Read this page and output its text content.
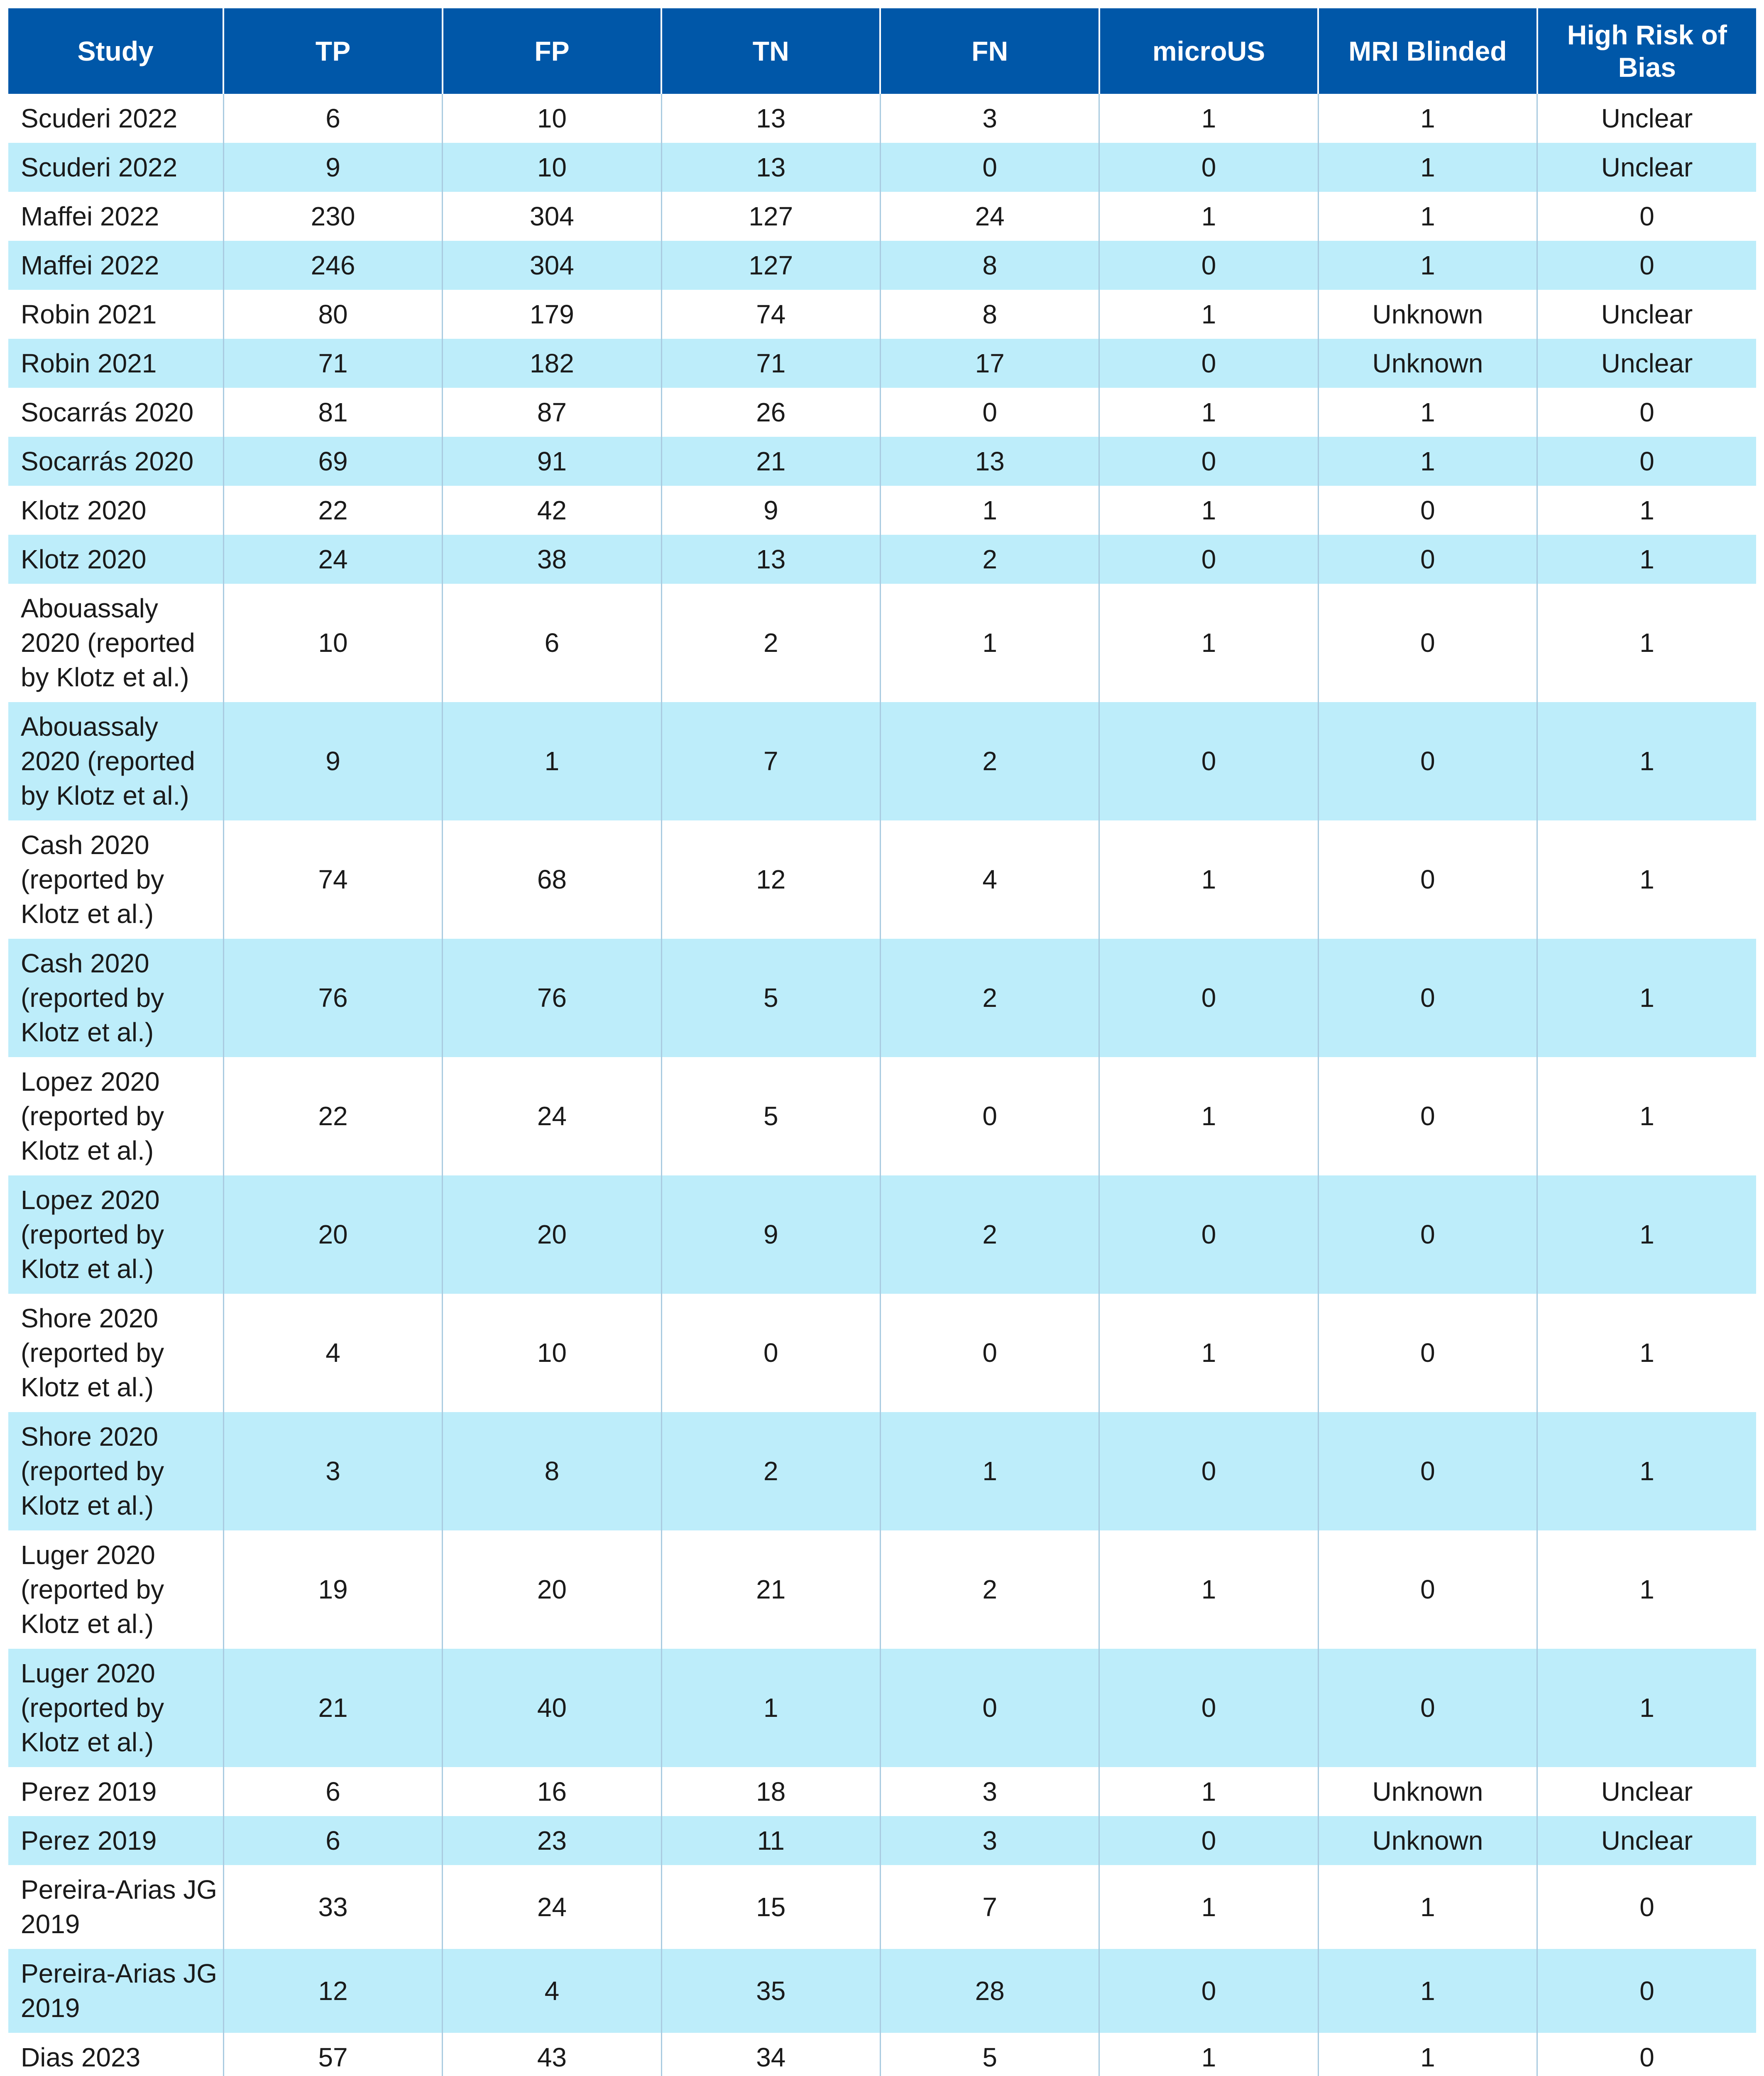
Study	TP	FP	TN	FN	microUS	MRI Blinded	High Risk of Bias
Scuderi 2022	6	10	13	3	1	1	Unclear
Scuderi 2022	9	10	13	0	0	1	Unclear
Maffei 2022	230	304	127	24	1	1	0
Maffei 2022	246	304	127	8	0	1	0
Robin 2021	80	179	74	8	1	Unknown	Unclear
Robin 2021	71	182	71	17	0	Unknown	Unclear
Socarrás 2020	81	87	26	0	1	1	0
Socarrás 2020	69	91	21	13	0	1	0
Klotz 2020	22	42	9	1	1	0	1
Klotz 2020	24	38	13	2	0	0	1
Abouassaly 2020 (reported by Klotz et al.)	10	6	2	1	1	0	1
Abouassaly 2020 (reported by Klotz et al.)	9	1	7	2	0	0	1
Cash 2020 (reported by Klotz et al.)	74	68	12	4	1	0	1
Cash 2020 (reported by Klotz et al.)	76	76	5	2	0	0	1
Lopez 2020 (reported by Klotz et al.)	22	24	5	0	1	0	1
Lopez 2020 (reported by Klotz et al.)	20	20	9	2	0	0	1
Shore 2020 (reported by Klotz et al.)	4	10	0	0	1	0	1
Shore 2020 (reported by Klotz et al.)	3	8	2	1	0	0	1
Luger 2020 (reported by Klotz et al.)	19	20	21	2	1	0	1
Luger 2020 (reported by Klotz et al.)	21	40	1	0	0	0	1
Perez 2019	6	16	18	3	1	Unknown	Unclear
Perez 2019	6	23	11	3	0	Unknown	Unclear
Pereira-Arias JG 2019	33	24	15	7	1	1	0
Pereira-Arias JG 2019	12	4	35	28	0	1	0
Dias 2023	57	43	34	5	1	1	0
